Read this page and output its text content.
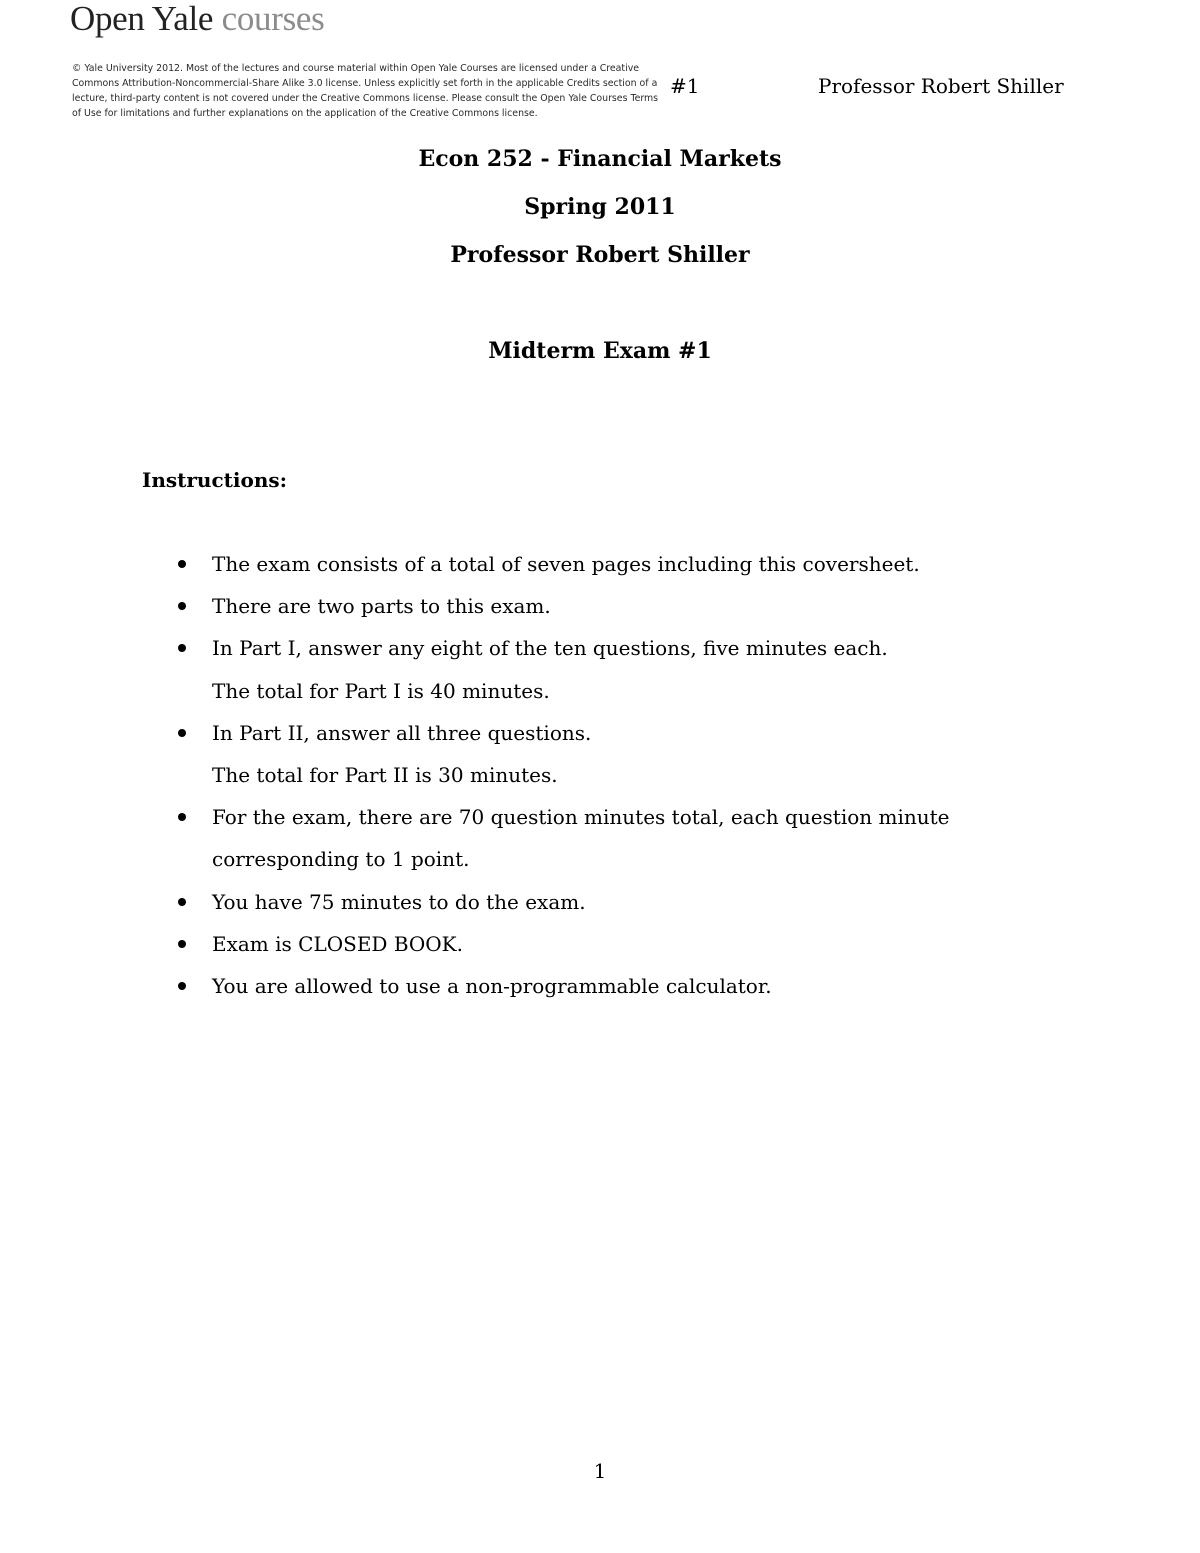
Open Yale courses
© Yale University 2012. Most of the lectures and course material within Open Yale Courses are licensed under a Creative Commons Attribution-Noncommercial-Share Alike 3.0 license. Unless explicitly set forth in the applicable Credits section of a lecture, third-party content is not covered under the Creative Commons license. Please consult the Open Yale Courses Terms of Use for limitations and further explanations on the application of the Creative Commons license.
#1	Professor Robert Shiller
Econ 252 - Financial Markets
Spring 2011
Professor Robert Shiller
Midterm Exam #1
Instructions:
The exam consists of a total of seven pages including this coversheet.
There are two parts to this exam.
In Part I, answer any eight of the ten questions, five minutes each.
The total for Part I is 40 minutes.
In Part II, answer all three questions.
The total for Part II is 30 minutes.
For the exam, there are 70 question minutes total, each question minute
corresponding to 1 point.
You have 75 minutes to do the exam.
Exam is CLOSED BOOK.
You are allowed to use a non-programmable calculator.
1
